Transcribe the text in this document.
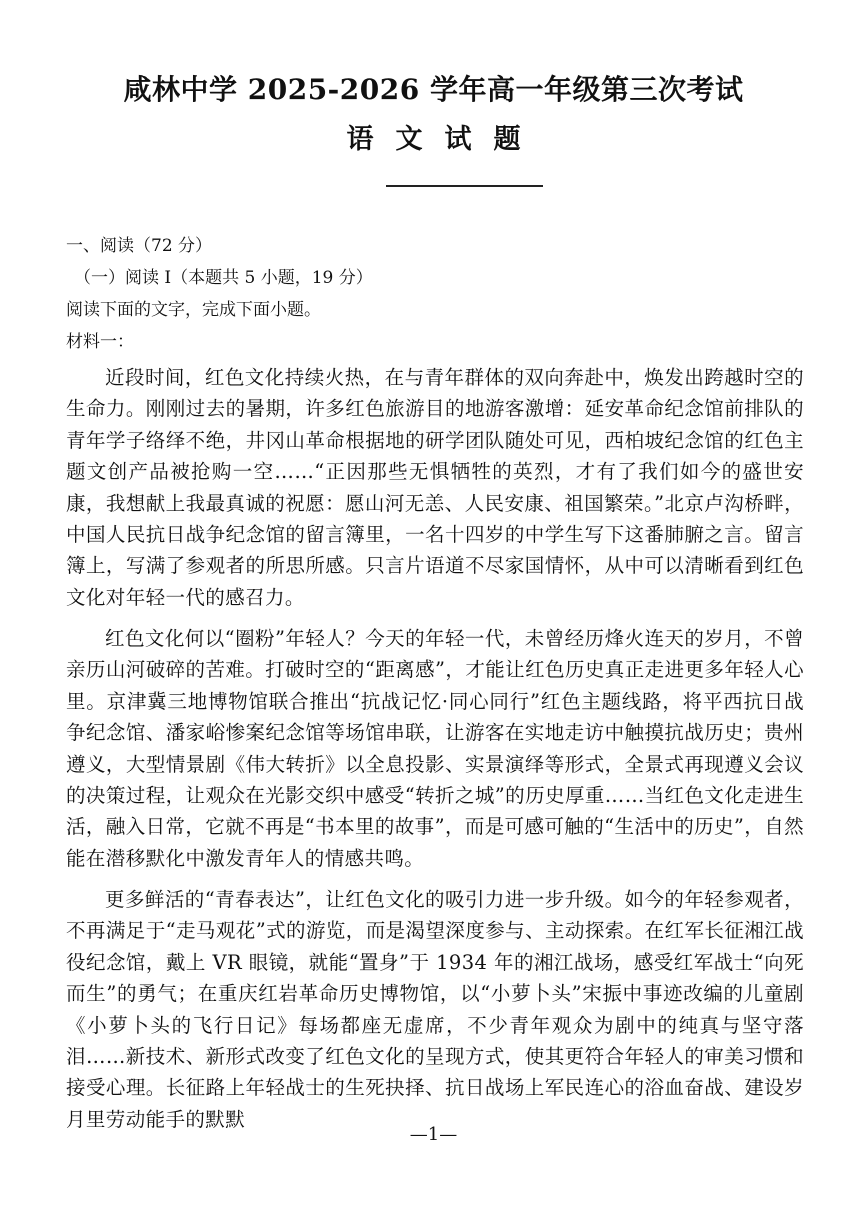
咸林中学 2025-2026 学年高一年级第三次考试
语文试题
一、阅读（72 分）
（一）阅读 I（本题共 5 小题，19 分）
阅读下面的文字，完成下面小题。
材料一：
近段时间，红色文化持续火热，在与青年群体的双向奔赴中，焕发出跨越时空的生命力。刚刚过去的暑期，许多红色旅游目的地游客激增：延安革命纪念馆前排队的青年学子络绎不绝，井冈山革命根据地的研学团队随处可见，西柏坡纪念馆的红色主题文创产品被抢购一空……“正因那些无惧牺牲的英烈，才有了我们如今的盛世安康，我想献上我最真诚的祝愿：愿山河无恙、人民安康、祖国繁荣。”北京卢沟桥畔，中国人民抗日战争纪念馆的留言簿里，一名十四岁的中学生写下这番肺腑之言。留言簿上，写满了参观者的所思所感。只言片语道不尽家国情怀，从中可以清晰看到红色文化对年轻一代的感召力。
红色文化何以“圈粉”年轻人？今天的年轻一代，未曾经历烽火连天的岁月，不曾亲历山河破碎的苦难。打破时空的“距离感”，才能让红色历史真正走进更多年轻人心里。京津冀三地博物馆联合推出“抗战记忆·同心同行”红色主题线路，将平西抗日战争纪念馆、潘家峪惨案纪念馆等场馆串联，让游客在实地走访中触摸抗战历史；贵州遵义，大型情景剧《伟大转折》以全息投影、实景演绎等形式，全景式再现遵义会议的决策过程，让观众在光影交织中感受“转折之城”的历史厚重……当红色文化走进生活，融入日常，它就不再是“书本里的故事”，而是可感可触的“生活中的历史”，自然能在潜移默化中激发青年人的情感共鸣。
更多鲜活的“青春表达”，让红色文化的吸引力进一步升级。如今的年轻参观者，不再满足于“走马观花”式的游览，而是渴望深度参与、主动探索。在红军长征湘江战役纪念馆，戴上 VR 眼镜，就能“置身”于 1934 年的湘江战场，感受红军战士“向死而生”的勇气；在重庆红岩革命历史博物馆，以“小萝卜头”宋振中事迹改编的儿童剧《小萝卜头的飞行日记》每场都座无虚席，不少青年观众为剧中的纯真与坚守落泪……新技术、新形式改变了红色文化的呈现方式，使其更符合年轻人的审美习惯和接受心理。长征路上年轻战士的生死抉择、抗日战场上军民连心的浴血奋战、建设岁月里劳动能手的默默
—1—
